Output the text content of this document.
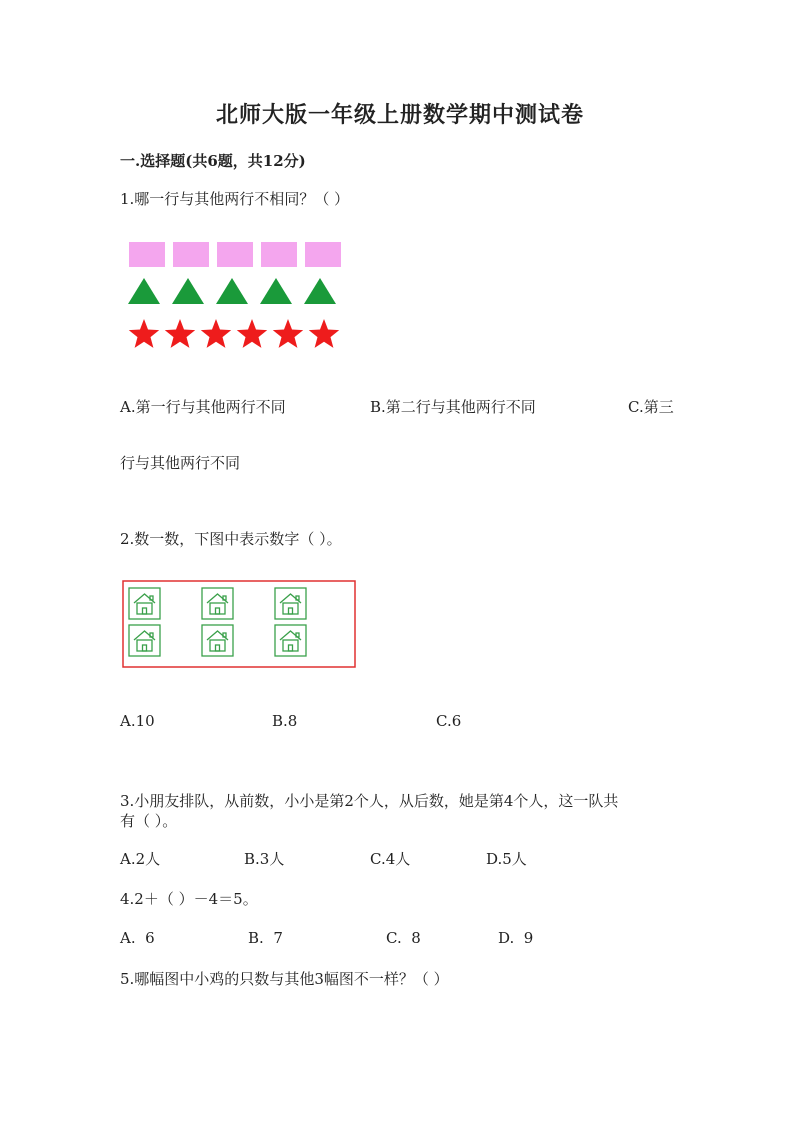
北师大版一年级上册数学期中测试卷
一.选择题(共6题，共12分)
1.哪一行与其他两行不相同？（ ）
A.第一行与其他两行不同	B.第二行与其他两行不同	C.第三
行与其他两行不同
2.数一数，下图中表示数字（ ）。
A.10	B.8	C.6
3.小朋友排队，从前数，小小是第2个人，从后数，她是第4个人，这一队共
有（ ）。
A.2人	B.3人	C.4人	D.5人
4.2＋（ ）－4＝5。
A.  6	B.  7	C.  8	D.  9
5.哪幅图中小鸡的只数与其他3幅图不一样？（ ）
